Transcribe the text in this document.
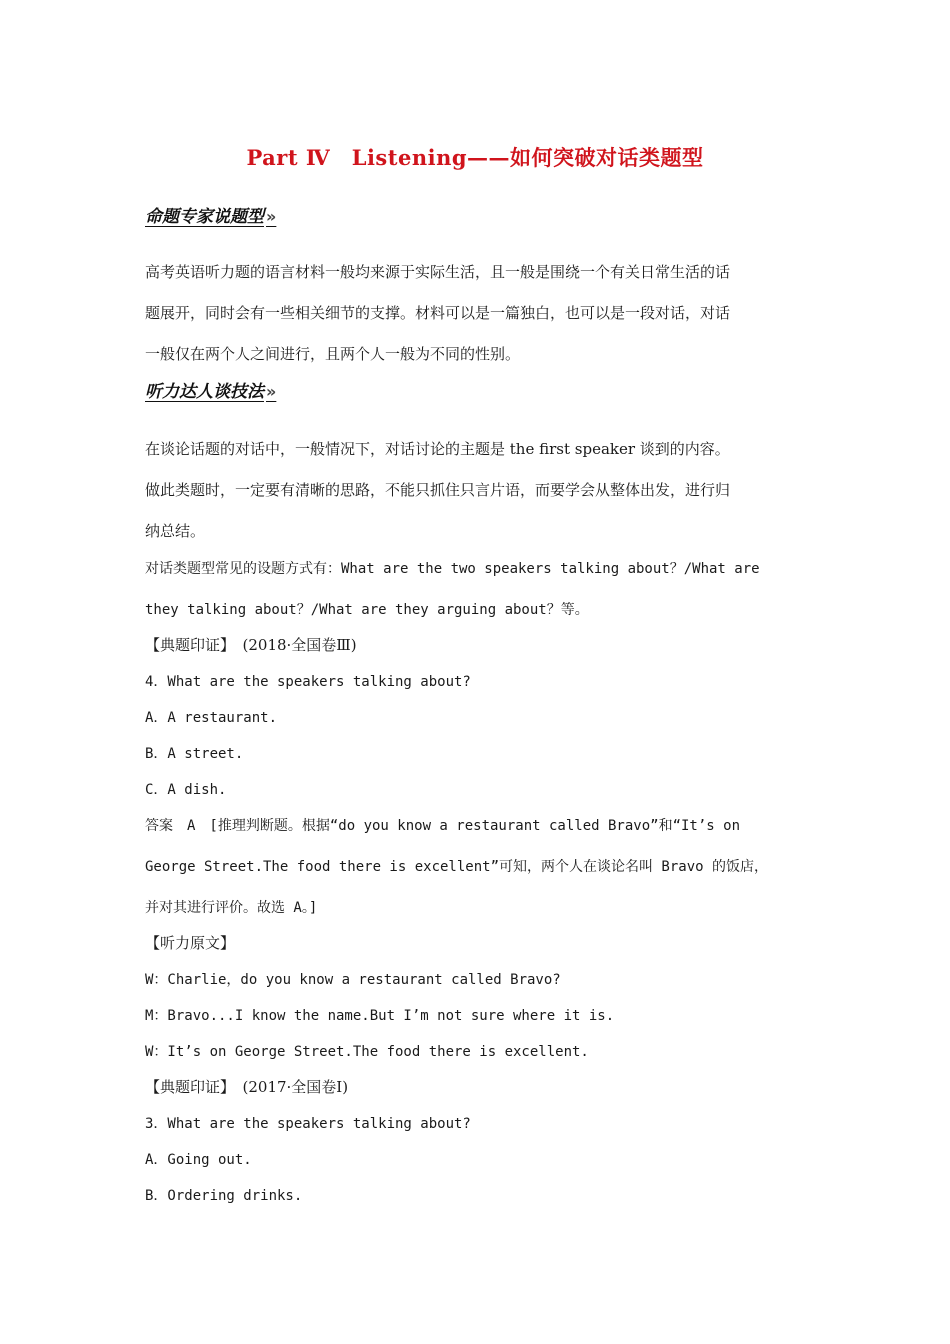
Part Ⅳ　Listening——如何突破对话类题型
命题专家说题型 »
高考英语听力题的语言材料一般均来源于实际生活，且一般是围绕一个有关日常生活的话
题展开，同时会有一些相关细节的支撑。材料可以是一篇独白，也可以是一段对话，对话
一般仅在两个人之间进行，且两个人一般为不同的性别。
听力达人谈技法 »
在谈论话题的对话中，一般情况下，对话讨论的主题是 the first speaker 谈到的内容。
做此类题时，一定要有清晰的思路，不能只抓住只言片语，而要学会从整体出发，进行归
纳总结。
对话类题型常见的设题方式有：What are the two speakers talking about？/What are
they talking about？/What are they arguing about？等。
【典题印证】　(2018·全国卷Ⅲ)
4．What are the speakers talking about?
A．A restaurant.
B．A street.
C．A dish.
答案　A　[推理判断题。根据“do you know a restaurant called Bravo”和“It’s on
George Street.The food there is excellent”可知，两个人在谈论名叫 Bravo 的饭店，
并对其进行评价。故选 A。]
【听力原文】
W：Charlie，do you know a restaurant called Bravo?
M：Bravo...I know the name.But I’m not sure where it is.
W：It’s on George Street.The food there is excellent.
【典题印证】　(2017·全国卷Ⅰ)
3．What are the speakers talking about?
A．Going out.
B．Ordering drinks.
